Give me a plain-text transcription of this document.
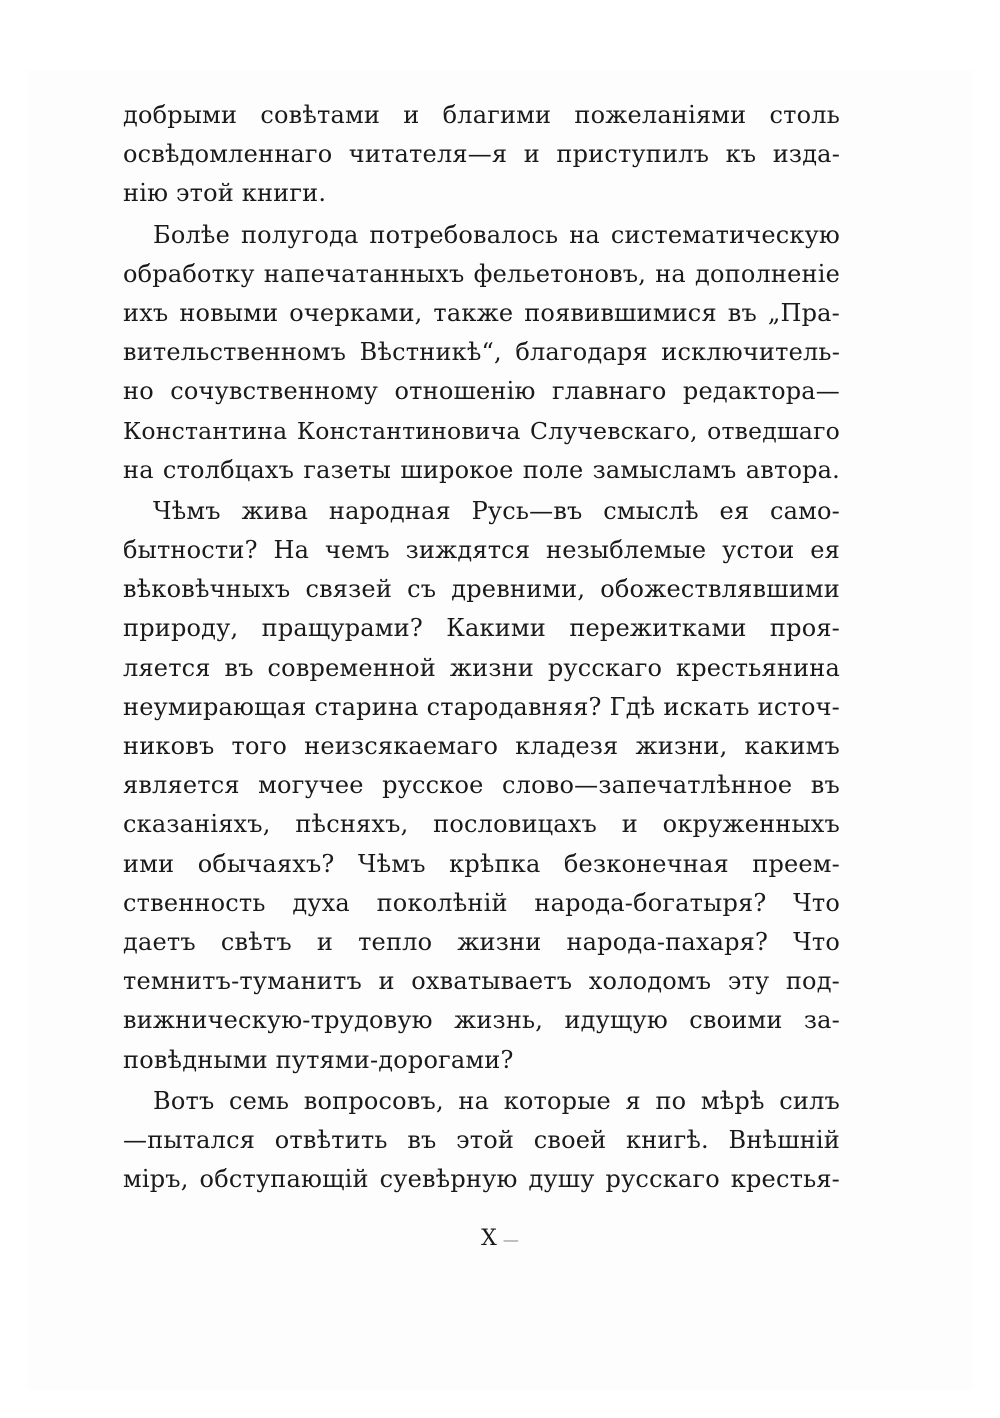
добрыми совѣтами и благими пожеланіями столь
освѣдомленнаго читателя—я и приступилъ къ изда-
нію этой книги.
Болѣе полугода потребовалось на систематическую
обработку напечатанныхъ фельетоновъ, на дополненіе
ихъ новыми очерками, также появившимися въ „Пра-
вительственномъ Вѣстникѣ“, благодаря исключитель-
но сочувственному отношенію главнаго редактора—
Константина Константиновича Случевскаго, отведшаго
на столбцахъ газеты широкое поле замысламъ автора.
Чѣмъ жива народная Русь—въ смыслѣ ея само-
бытности? На чемъ зиждятся незыблемые устои ея
вѣковѣчныхъ связей съ древними, обожествлявшими
природу, пращурами? Какими пережитками проя-
ляется въ современной жизни русскаго крестьянина
неумирающая старина стародавняя? Гдѣ искать источ-
никовъ того неизсякаемаго кладезя жизни, какимъ
является могучее русское слово—запечатлѣнное въ
сказаніяхъ, пѣсняхъ, пословицахъ и окруженныхъ
ими обычаяхъ? Чѣмъ крѣпка безконечная преем-
ственность духа поколѣній народа-богатыря? Что
даетъ свѣтъ и тепло жизни народа-пахаря? Что
темнитъ-туманитъ и охватываетъ холодомъ эту под-
вижническую-трудовую жизнь, идущую своими за-
повѣдными путями-дорогами?
Вотъ семь вопросовъ, на которые я по мѣрѣ силъ
—пытался отвѣтить въ этой своей книгѣ. Внѣшній
міръ, обступающій суевѣрную душу русскаго крестья-
X —
